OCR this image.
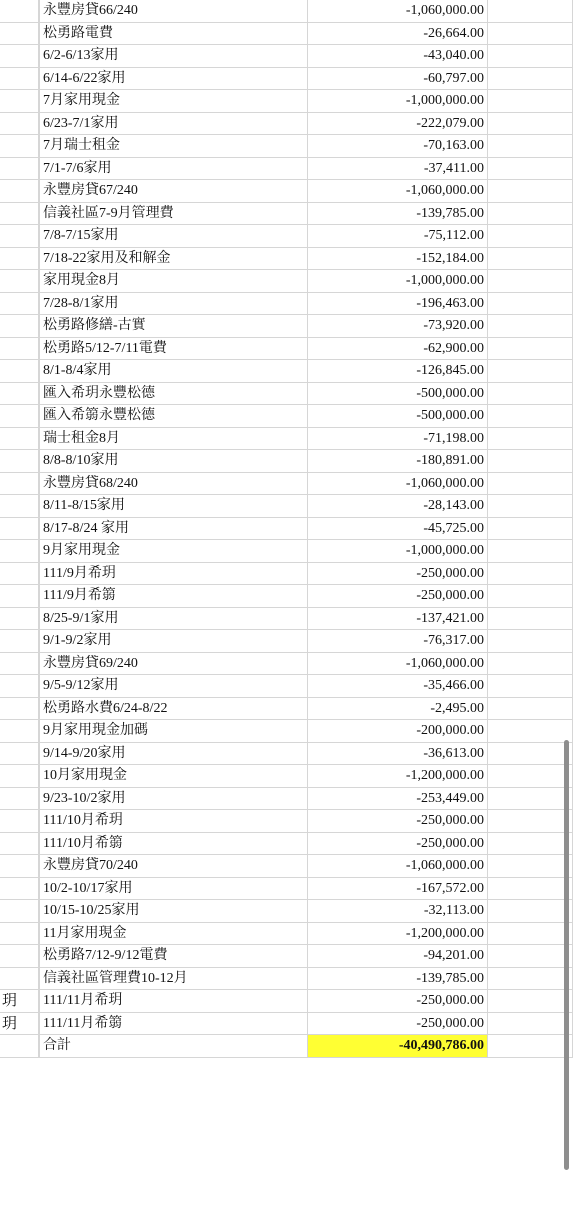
永豐房貸66/240	-1,060,000.00
松勇路電費	-26,664.00
6/2-6/13家用	-43,040.00
6/14-6/22家用	-60,797.00
7月家用現金	-1,000,000.00
6/23-7/1家用	-222,079.00
7月瑞士租金	-70,163.00
7/1-7/6家用	-37,411.00
永豐房貸67/240	-1,060,000.00
信義社區7-9月管理費	-139,785.00
7/8-7/15家用	-75,112.00
7/18-22家用及和解金	-152,184.00
家用現金8月	-1,000,000.00
7/28-8/1家用	-196,463.00
松勇路修繕-古實	-73,920.00
松勇路5/12-7/11電費	-62,900.00
8/1-8/4家用	-126,845.00
匯入希玥永豐松德	-500,000.00
匯入希篛永豐松德	-500,000.00
瑞士租金8月	-71,198.00
8/8-8/10家用	-180,891.00
永豐房貸68/240	-1,060,000.00
8/11-8/15家用	-28,143.00
8/17-8/24 家用	-45,725.00
9月家用現金	-1,000,000.00
111/9月希玥	-250,000.00
111/9月希篛	-250,000.00
8/25-9/1家用	-137,421.00
9/1-9/2家用	-76,317.00
永豐房貸69/240	-1,060,000.00
9/5-9/12家用	-35,466.00
松勇路水費6/24-8/22	-2,495.00
9月家用現金加碼	-200,000.00
9/14-9/20家用	-36,613.00
10月家用現金	-1,200,000.00
9/23-10/2家用	-253,449.00
111/10月希玥	-250,000.00
111/10月希篛	-250,000.00
永豐房貸70/240	-1,060,000.00
10/2-10/17家用	-167,572.00
10/15-10/25家用	-32,113.00
11月家用現金	-1,200,000.00
松勇路7/12-9/12電費	-94,201.00
信義社區管理費10-12月	-139,785.00
玥	111/11月希玥	-250,000.00
玥	111/11月希篛	-250,000.00
合計	-40,490,786.00
